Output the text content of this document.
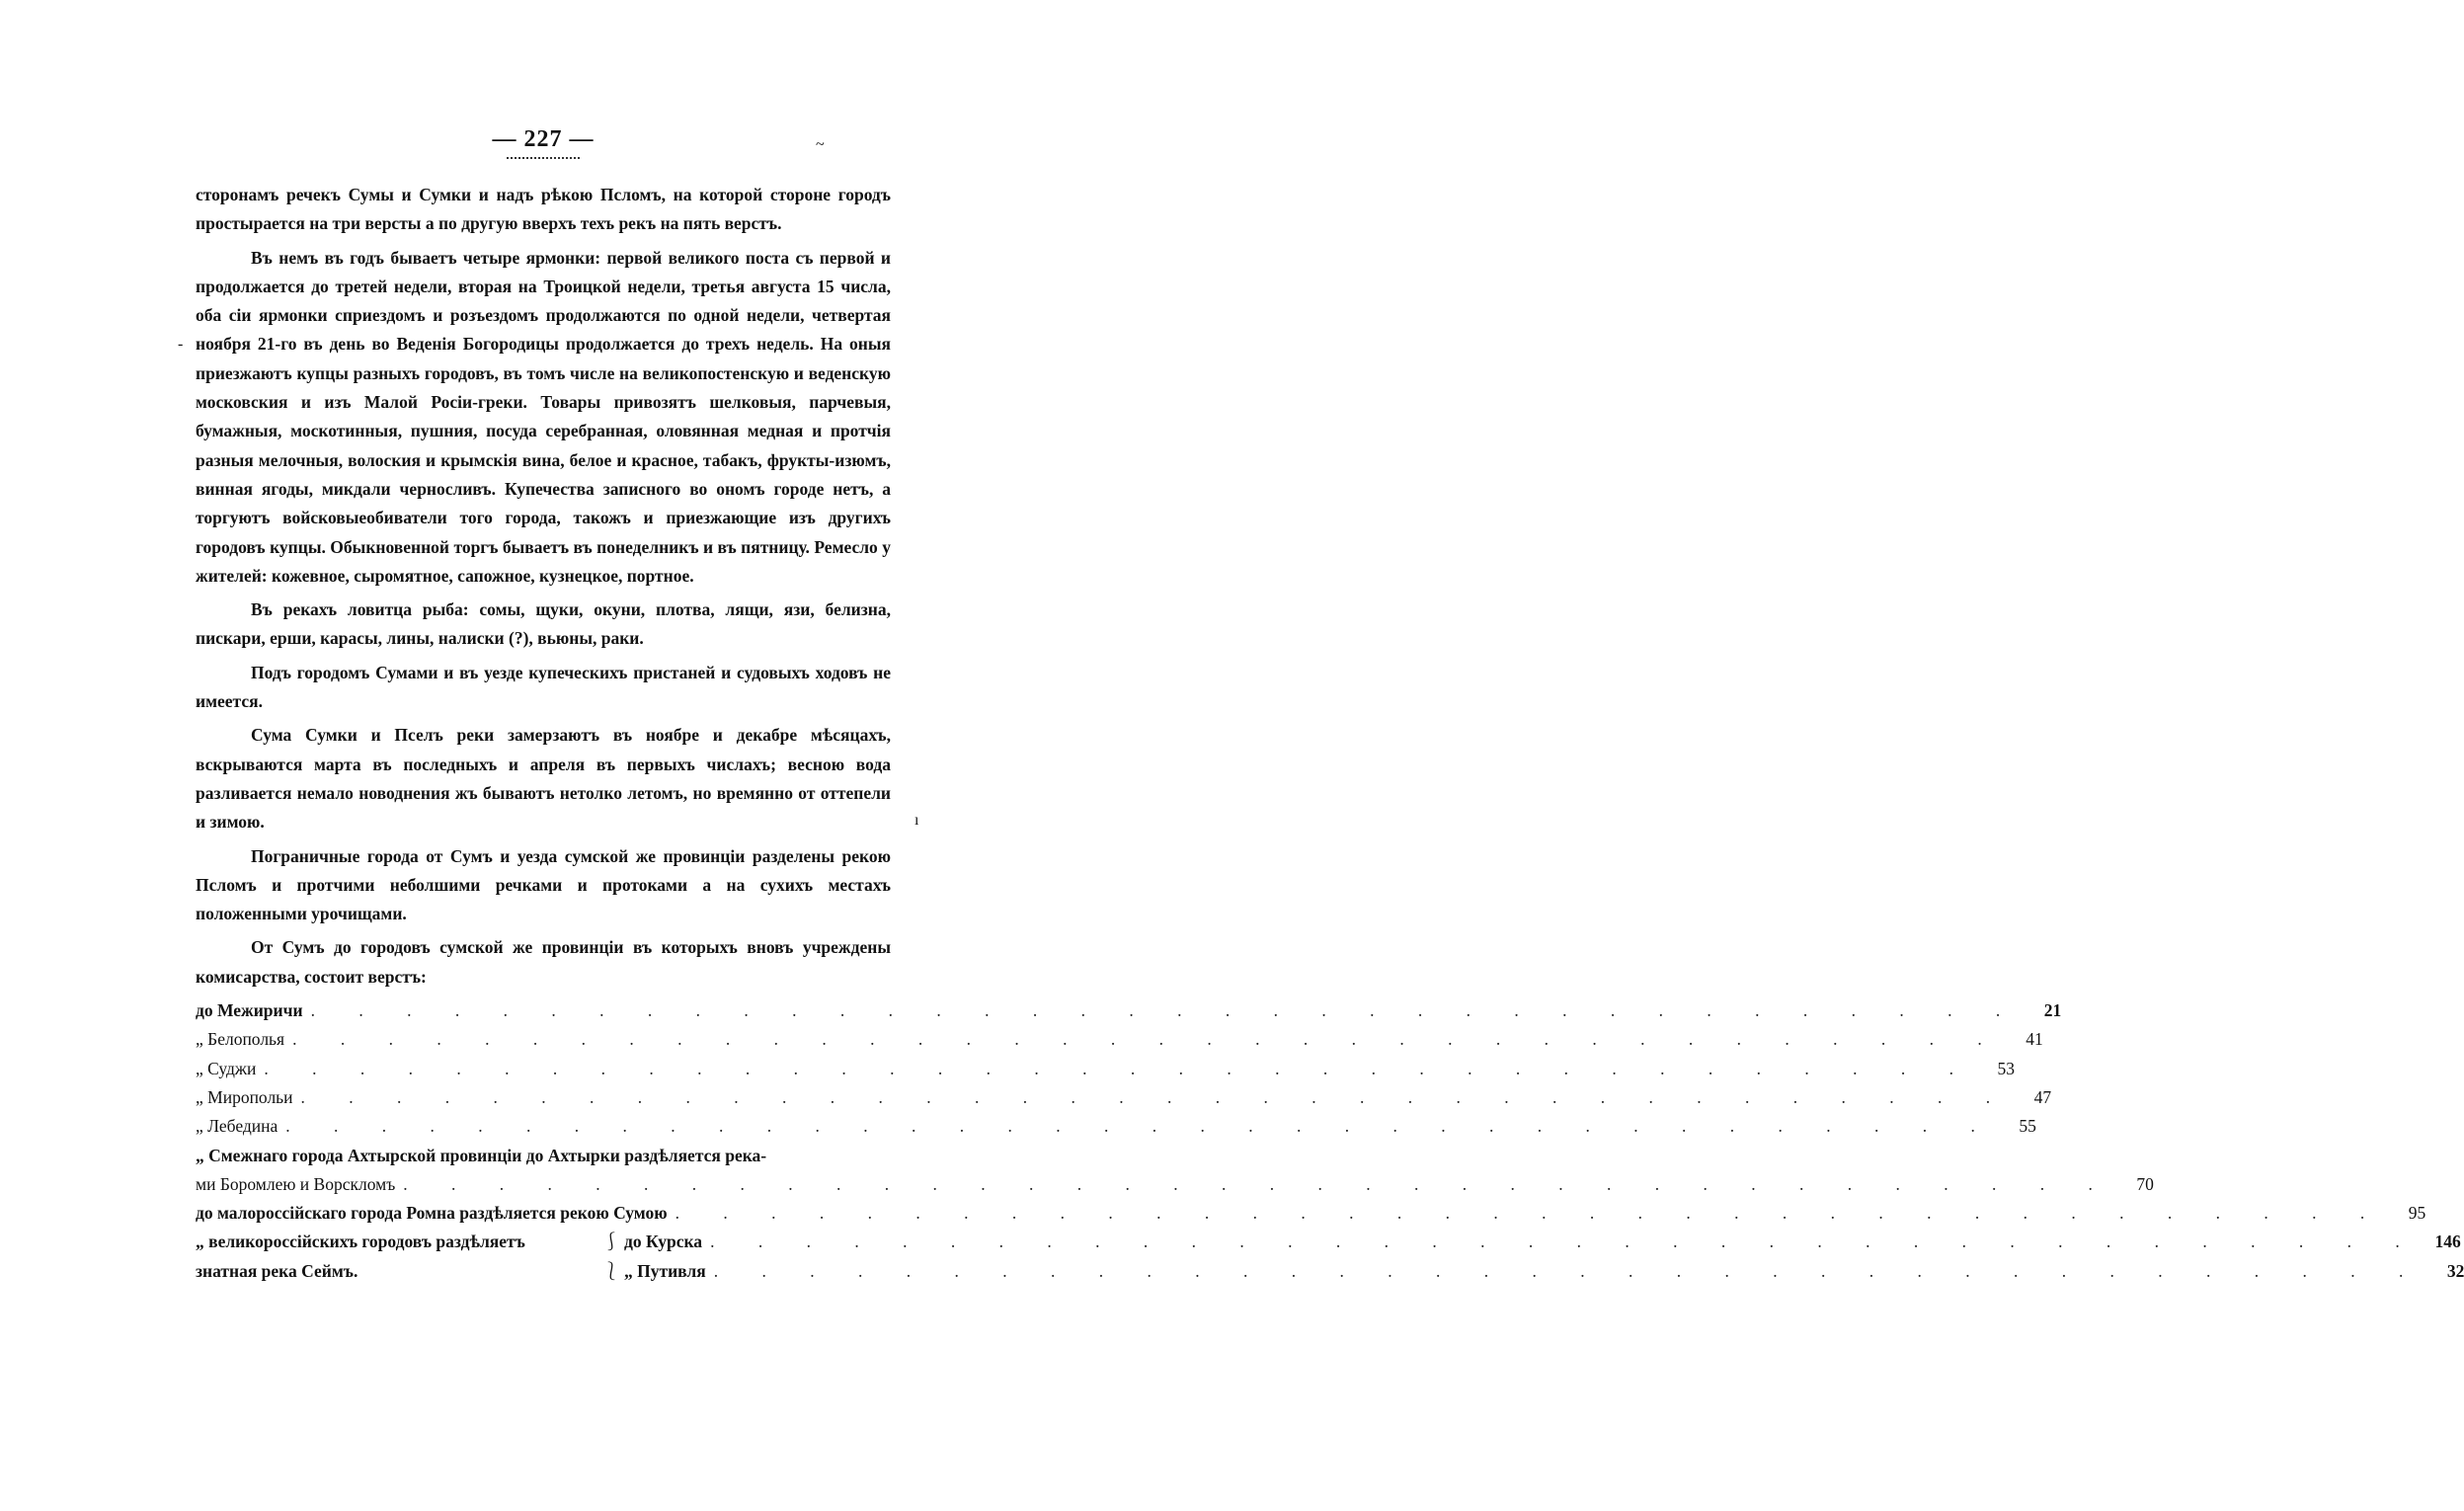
— 227 —	~
-
ı

сторонамъ речекъ Сумы и Сумки и надъ рѣкою Псломъ, на которой стороне городъ простырается на три версты а по другую вверхъ техъ рекъ на пять верстъ.

Въ немъ въ годъ бываетъ четыре ярмонки: первой великого поста съ первой и продолжается до третей недели, вторая на Троицкой недели, третья августа 15 числа, оба сіи ярмонки сприездомъ и розъездомъ продолжаются по одной недели, четвертая ноября 21-го въ день во Веденiя Богородицы продолжается до трехъ недель. На оныя приезжаютъ купцы разныхъ городовъ, въ томъ числе на великопостенскую и веденскую московския и изъ Малой Росiи-греки. Товары привозятъ шелковыя, парчевыя, бумажныя, москотинныя, пушния, посуда серебранная, оловянная медная и протчія разныя мелочныя, волоския и крымскія вина, белое и красное, табакъ, фрукты-изюмъ, винная ягоды, микдали черносливъ. Купечества записного во ономъ городе нетъ, а торгуютъ войсковыеобиватели того города, такожъ и приезжающие изъ другихъ городовъ купцы. Обыкновенной торгъ бываетъ въ понеделникъ и въ пятницу. Ремесло у жителей: кожевное, сыромятное, сапожное, кузнецкое, портное.

Въ рекахъ ловитца рыба: сомы, щуки, окуни, плотва, лящи, язи, белизна, пискари, ерши, карасы, лины, налиски (?), вьюны, раки.

Подъ городомъ Сумами и въ уезде купеческихъ пристаней и судовыхъ ходовъ не имеется.

Сума Сумки и Пселъ реки замерзаютъ въ ноябре и декабре мѣсяцахъ, вскрываются марта въ последныхъ и апреля въ первыхъ числахъ; весною вода разливается немало новоднения жъ бываютъ нетолко летомъ, но времянно от оттепели и зимою.

Пограничные города от Сумъ и уезда сумской же провинцiи разделены рекою Псломъ и протчими неболшими речками и протоками а на сухихъ местахъ положенными урочищами.

От Сумъ до городовъ сумской же провинцiи въ которыхъ вновъ учреждены комисарства, состоит верстъ:

до Межиричи . . . . . . . . . . . . . . . . . . . . . . . . . . . . . . . . . . . .	21
„ Белополья . . . . . . . . . . . . . . . . . . . . . . . . . . . . . . . . . . . .	41
„ Суджи . . . . . . . . . . . . . . . . . . . . . . . . . . . . . . . . . . . .	53
„ Миропольи . . . . . . . . . . . . . . . . . . . . . . . . . . . . . . . . . . . .	47
„ Лебедина . . . . . . . . . . . . . . . . . . . . . . . . . . . . . . . . . . . .	55
„ Смежнаго города Ахтырской провинцiи до Ахтырки раздѣляется река-
ми Боромлею и Ворскломъ . . . . . . . . . . . . . . . . . . . . . . . . . . . . . . . . . . . .	70
до малороссiйскаго города Ромна раздѣляется рекою Сумою . . . . . . . . . . . . . . . . . . . . . . . . . . . . . . . . . . . .	95
„ великороссiйскихъ городовъ раздѣляетъ	⎰ до Курска . . . . . . . . . . . . . . . . . . . . . . . . . . . . . . . . . . . . 146
знатная река Сеймъ.	⎱ „ Путивля . . . . . . . . . . . . . . . . . . . . . . . . . . . . . . . . . . . .	32
